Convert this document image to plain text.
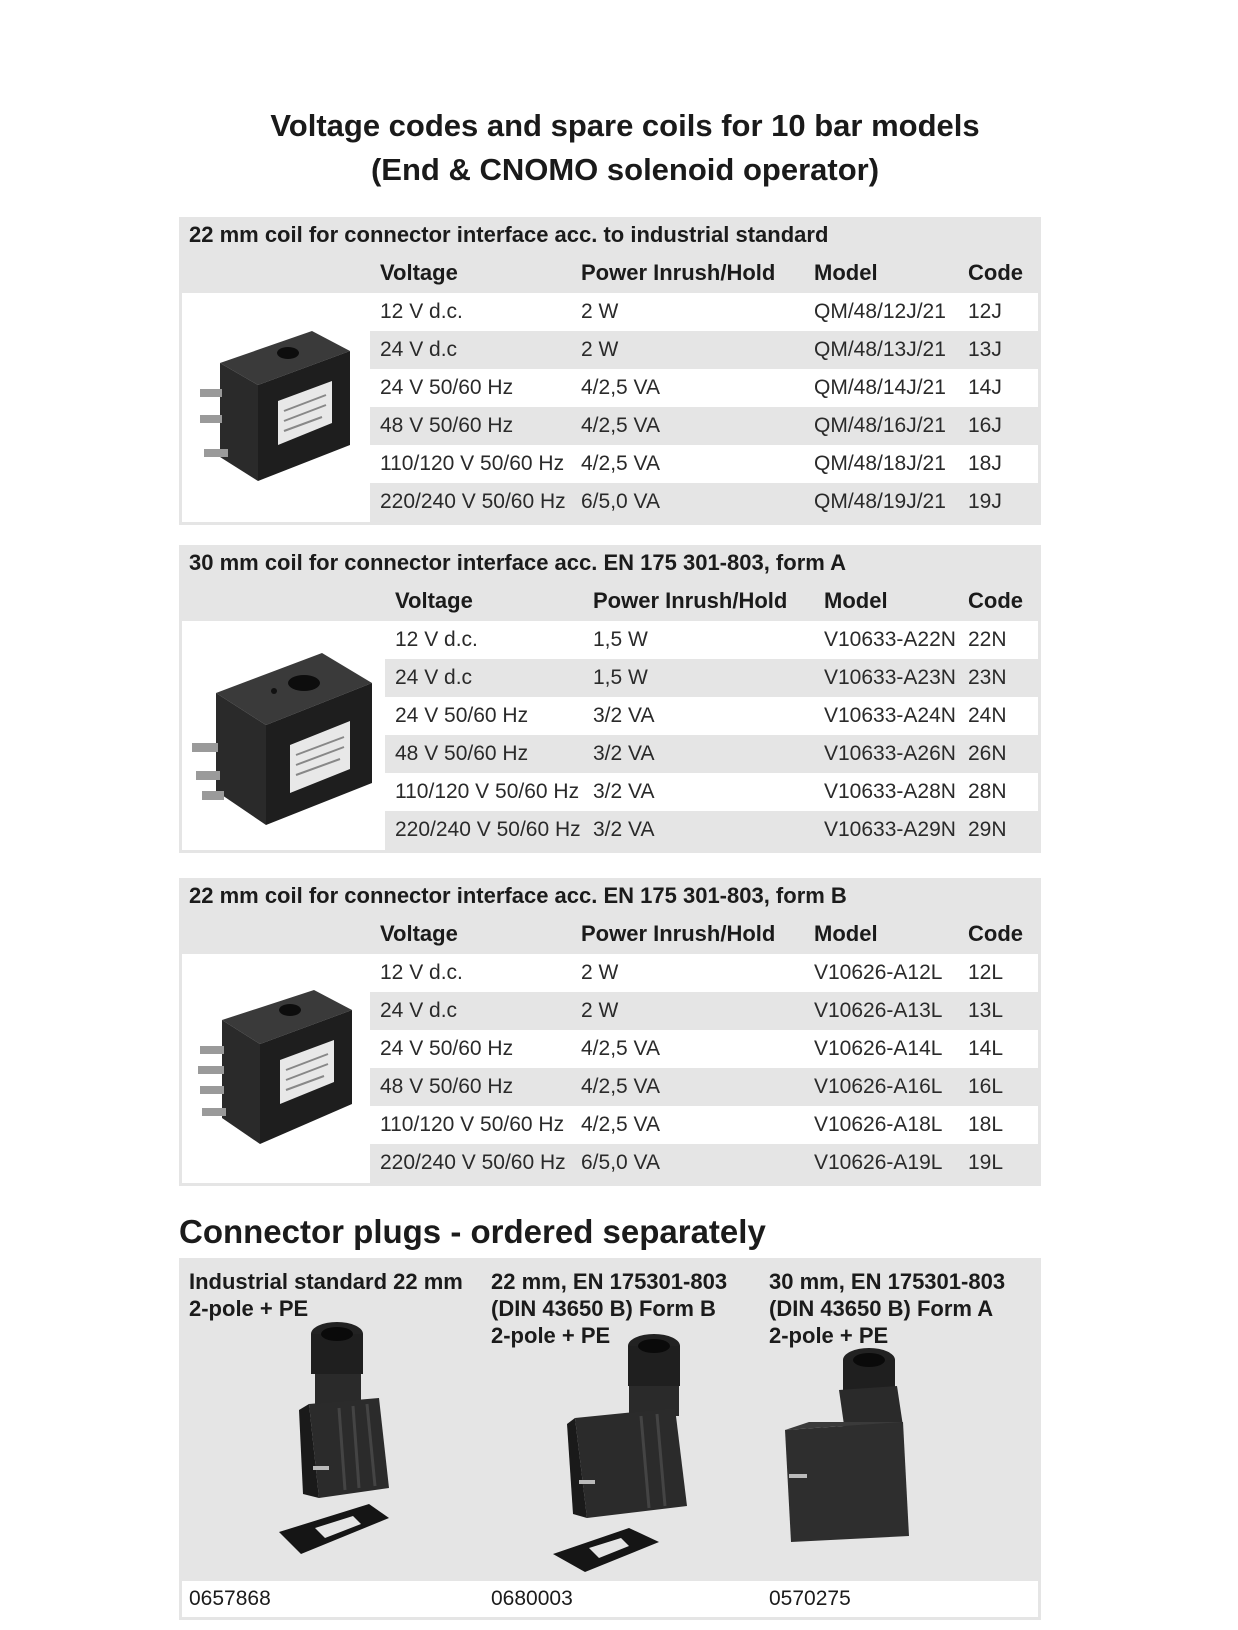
Voltage codes and spare coils for 10 bar models
(End & CNOMO solenoid operator)
22 mm coil for connector interface acc. to industrial standard
Voltage	Power Inrush/Hold Model	Code
12 V d.c.	2 W	QM/48/12J/21 12J
24 V d.c	2 W	QM/48/13J/21 13J
24 V 50/60 Hz	4/2,5 VA	QM/48/14J/21 14J
48 V 50/60 Hz	4/2,5 VA	QM/48/16J/21 16J
110/120 V 50/60 Hz 4/2,5 VA	QM/48/18J/21 18J
220/240 V 50/60 Hz 6/5,0 VA	QM/48/19J/21 19J
30 mm coil for connector interface acc. EN 175 301-803, form A
Voltage	Power Inrush/Hold Model	Code
12 V d.c.	1,5 W	V10633-A22N 22N
24 V d.c	1,5 W	V10633-A23N 23N
24 V 50/60 Hz	3/2 VA	V10633-A24N 24N
48 V 50/60 Hz	3/2 VA	V10633-A26N 26N
110/120 V 50/60 Hz 3/2 VA	V10633-A28N 28N
220/240 V 50/60 Hz 3/2 VA	V10633-A29N 29N
22 mm coil for connector interface acc. EN 175 301-803, form B
Voltage	Power Inrush/Hold Model	Code
12 V d.c.	2 W	V10626-A12L 12L
24 V d.c	2 W	V10626-A13L 13L
24 V 50/60 Hz	4/2,5 VA	V10626-A14L 14L
48 V 50/60 Hz	4/2,5 VA	V10626-A16L 16L
110/120 V 50/60 Hz 4/2,5 VA	V10626-A18L 18L
220/240 V 50/60 Hz 6/5,0 VA	V10626-A19L 19L
Connector plugs - ordered separately
Industrial standard 22 mm
2-pole + PE
22 mm, EN 175301-803
(DIN 43650 B) Form B
2-pole + PE
30 mm, EN 175301-803
(DIN 43650 B) Form A
2-pole + PE
0657868	0680003	0570275
